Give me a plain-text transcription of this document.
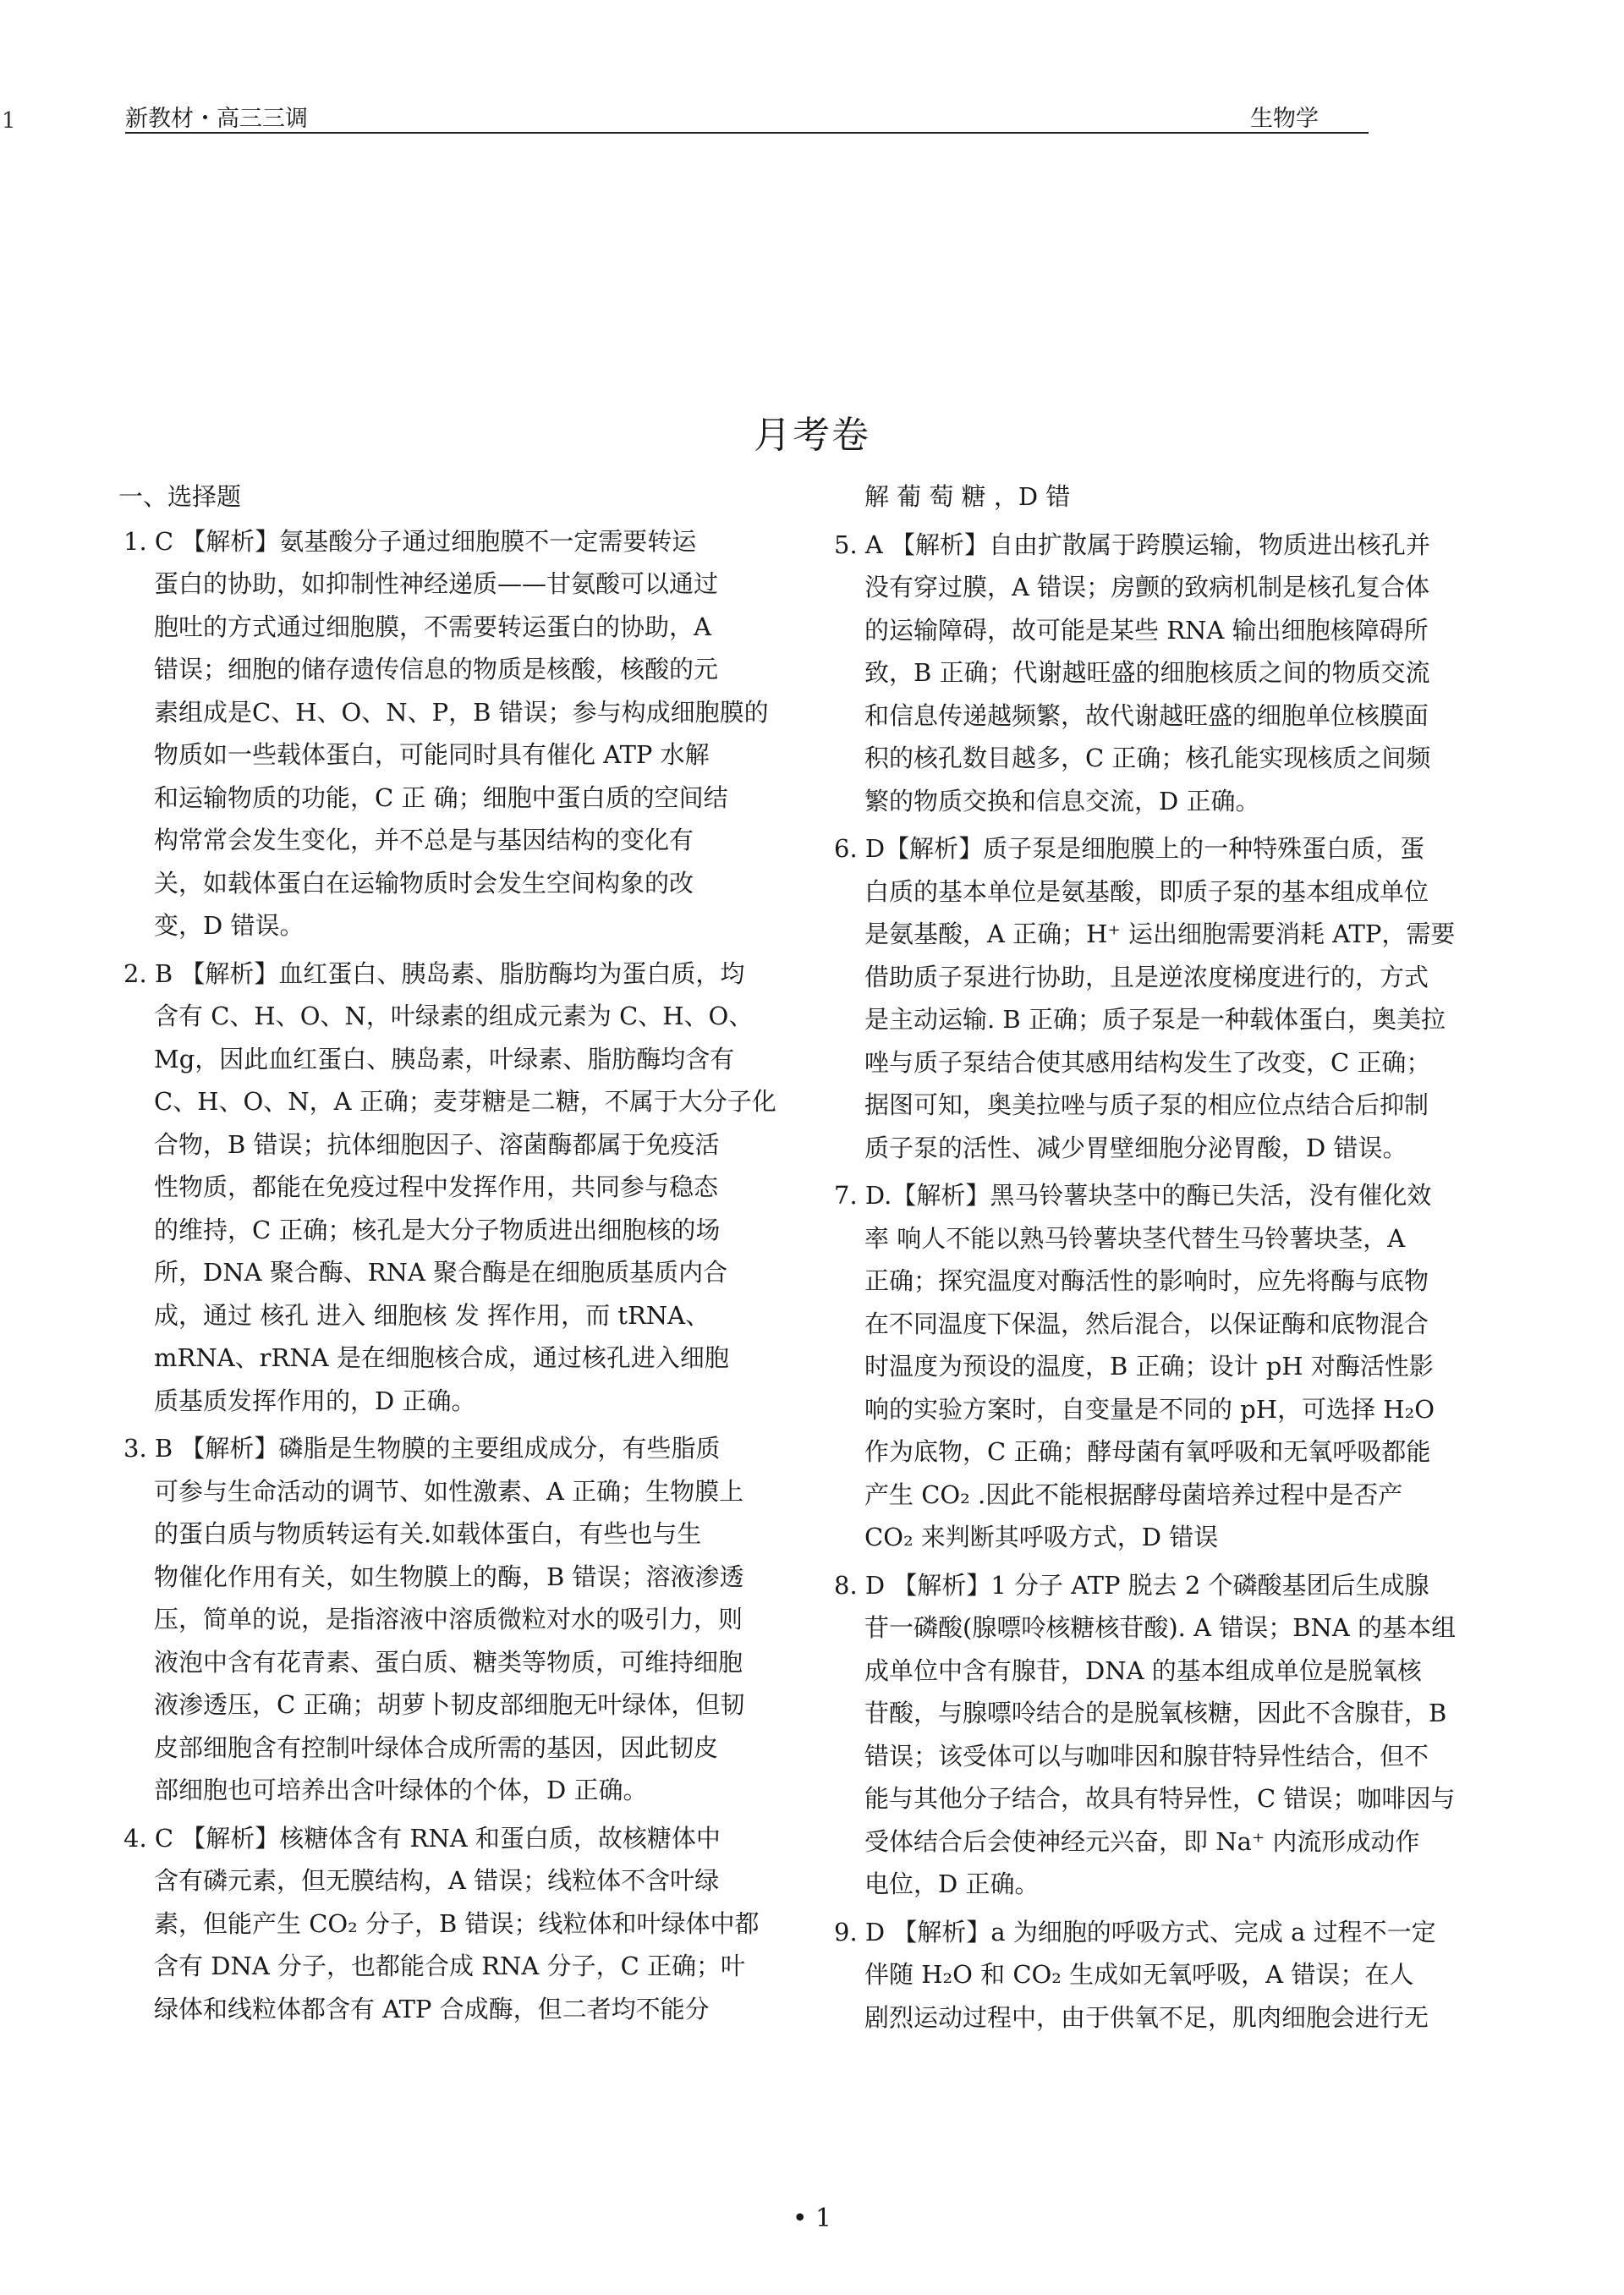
1	新教材・高三三调	生物学
月考卷
一、选择题
1. C 【解析】氨基酸分子通过细胞膜不一定需要转运
蛋白的协助，如抑制性神经递质——甘氨酸可以通过
胞吐的方式通过细胞膜，不需要转运蛋白的协助，A
错误；细胞的储存遗传信息的物质是核酸，核酸的元
素组成是C、H、O、N、P，B 错误；参与构成细胞膜的
物质如一些载体蛋白，可能同时具有催化 ATP 水解
和运输物质的功能，C 正 确；细胞中蛋白质的空间结
构常常会发生变化，并不总是与基因结构的变化有
关，如载体蛋白在运输物质时会发生空间构象的改
变，D 错误。
2. B 【解析】血红蛋白、胰岛素、脂肪酶均为蛋白质，均
含有 C、H、O、N，叶绿素的组成元素为 C、H、O、
Mg，因此血红蛋白、胰岛素，叶绿素、脂肪酶均含有
C、H、O、N，A 正确；麦芽糖是二糖，不属于大分子化
合物，B 错误；抗体细胞因子、溶菌酶都属于免疫活
性物质，都能在免疫过程中发挥作用，共同参与稳态
的维持，C 正确；核孔是大分子物质进出细胞核的场
所，DNA 聚合酶、RNA 聚合酶是在细胞质基质内合
成，通过 核孔 进入 细胞核 发 挥作用，而 tRNA、
mRNA、rRNA 是在细胞核合成，通过核孔进入细胞
质基质发挥作用的，D 正确。
3. B 【解析】磷脂是生物膜的主要组成成分，有些脂质
可参与生命活动的调节、如性激素、A 正确；生物膜上
的蛋白质与物质转运有关.如载体蛋白，有些也与生
物催化作用有关，如生物膜上的酶，B 错误；溶液渗透
压，简单的说，是指溶液中溶质微粒对水的吸引力，则
液泡中含有花青素、蛋白质、糖类等物质，可维持细胞
液渗透压，C 正确；胡萝卜韧皮部细胞无叶绿体，但韧
皮部细胞含有控制叶绿体合成所需的基因，因此韧皮
部细胞也可培养出含叶绿体的个体，D 正确。
4. C 【解析】核糖体含有 RNA 和蛋白质，故核糖体中
含有磷元素，但无膜结构，A 错误；线粒体不含叶绿
素，但能产生 CO₂ 分子，B 错误；线粒体和叶绿体中都
含有 DNA 分子，也都能合成 RNA 分子，C 正确；叶
绿体和线粒体都含有 ATP 合成酶，但二者均不能分
解 葡 萄 糖 ，D 错
5. A 【解析】自由扩散属于跨膜运输，物质进出核孔并
没有穿过膜，A 错误；房颤的致病机制是核孔复合体
的运输障碍，故可能是某些 RNA 输出细胞核障碍所
致，B 正确；代谢越旺盛的细胞核质之间的物质交流
和信息传递越频繁，故代谢越旺盛的细胞单位核膜面
积的核孔数目越多，C 正确；核孔能实现核质之间频
繁的物质交换和信息交流，D 正确。
6. D【解析】质子泵是细胞膜上的一种特殊蛋白质，蛋
白质的基本单位是氨基酸，即质子泵的基本组成单位
是氨基酸，A 正确；H⁺ 运出细胞需要消耗 ATP，需要
借助质子泵进行协助，且是逆浓度梯度进行的，方式
是主动运输. B 正确；质子泵是一种载体蛋白，奥美拉
唑与质子泵结合使其感用结构发生了改变，C 正确；
据图可知，奥美拉唑与质子泵的相应位点结合后抑制
质子泵的活性、减少胃壁细胞分泌胃酸，D 错误。
7. D.【解析】黑马铃薯块茎中的酶已失活，没有催化效
率 响人不能以熟马铃薯块茎代替生马铃薯块茎，A
正确；探究温度对酶活性的影响时，应先将酶与底物
在不同温度下保温，然后混合，以保证酶和底物混合
时温度为预设的温度，B 正确；设计 pH 对酶活性影
响的实验方案时，自变量是不同的 pH，可选择 H₂O
作为底物，C 正确；酵母菌有氧呼吸和无氧呼吸都能
产生 CO₂ .因此不能根据酵母菌培养过程中是否产
CO₂ 来判断其呼吸方式，D 错误
8. D 【解析】1 分子 ATP 脱去 2 个磷酸基团后生成腺
苷一磷酸(腺嘌呤核糖核苷酸). A 错误；BNA 的基本组
成单位中含有腺苷，DNA 的基本组成单位是脱氧核
苷酸，与腺嘌呤结合的是脱氧核糖，因此不含腺苷，B
错误；该受体可以与咖啡因和腺苷特异性结合，但不
能与其他分子结合，故具有特异性，C 错误；咖啡因与
受体结合后会使神经元兴奋，即 Na⁺ 内流形成动作
电位，D 正确。
9. D 【解析】a 为细胞的呼吸方式、完成 a 过程不一定
伴随 H₂O 和 CO₂ 生成如无氧呼吸，A 错误；在人
剧烈运动过程中，由于供氧不足，肌肉细胞会进行无
• 1
